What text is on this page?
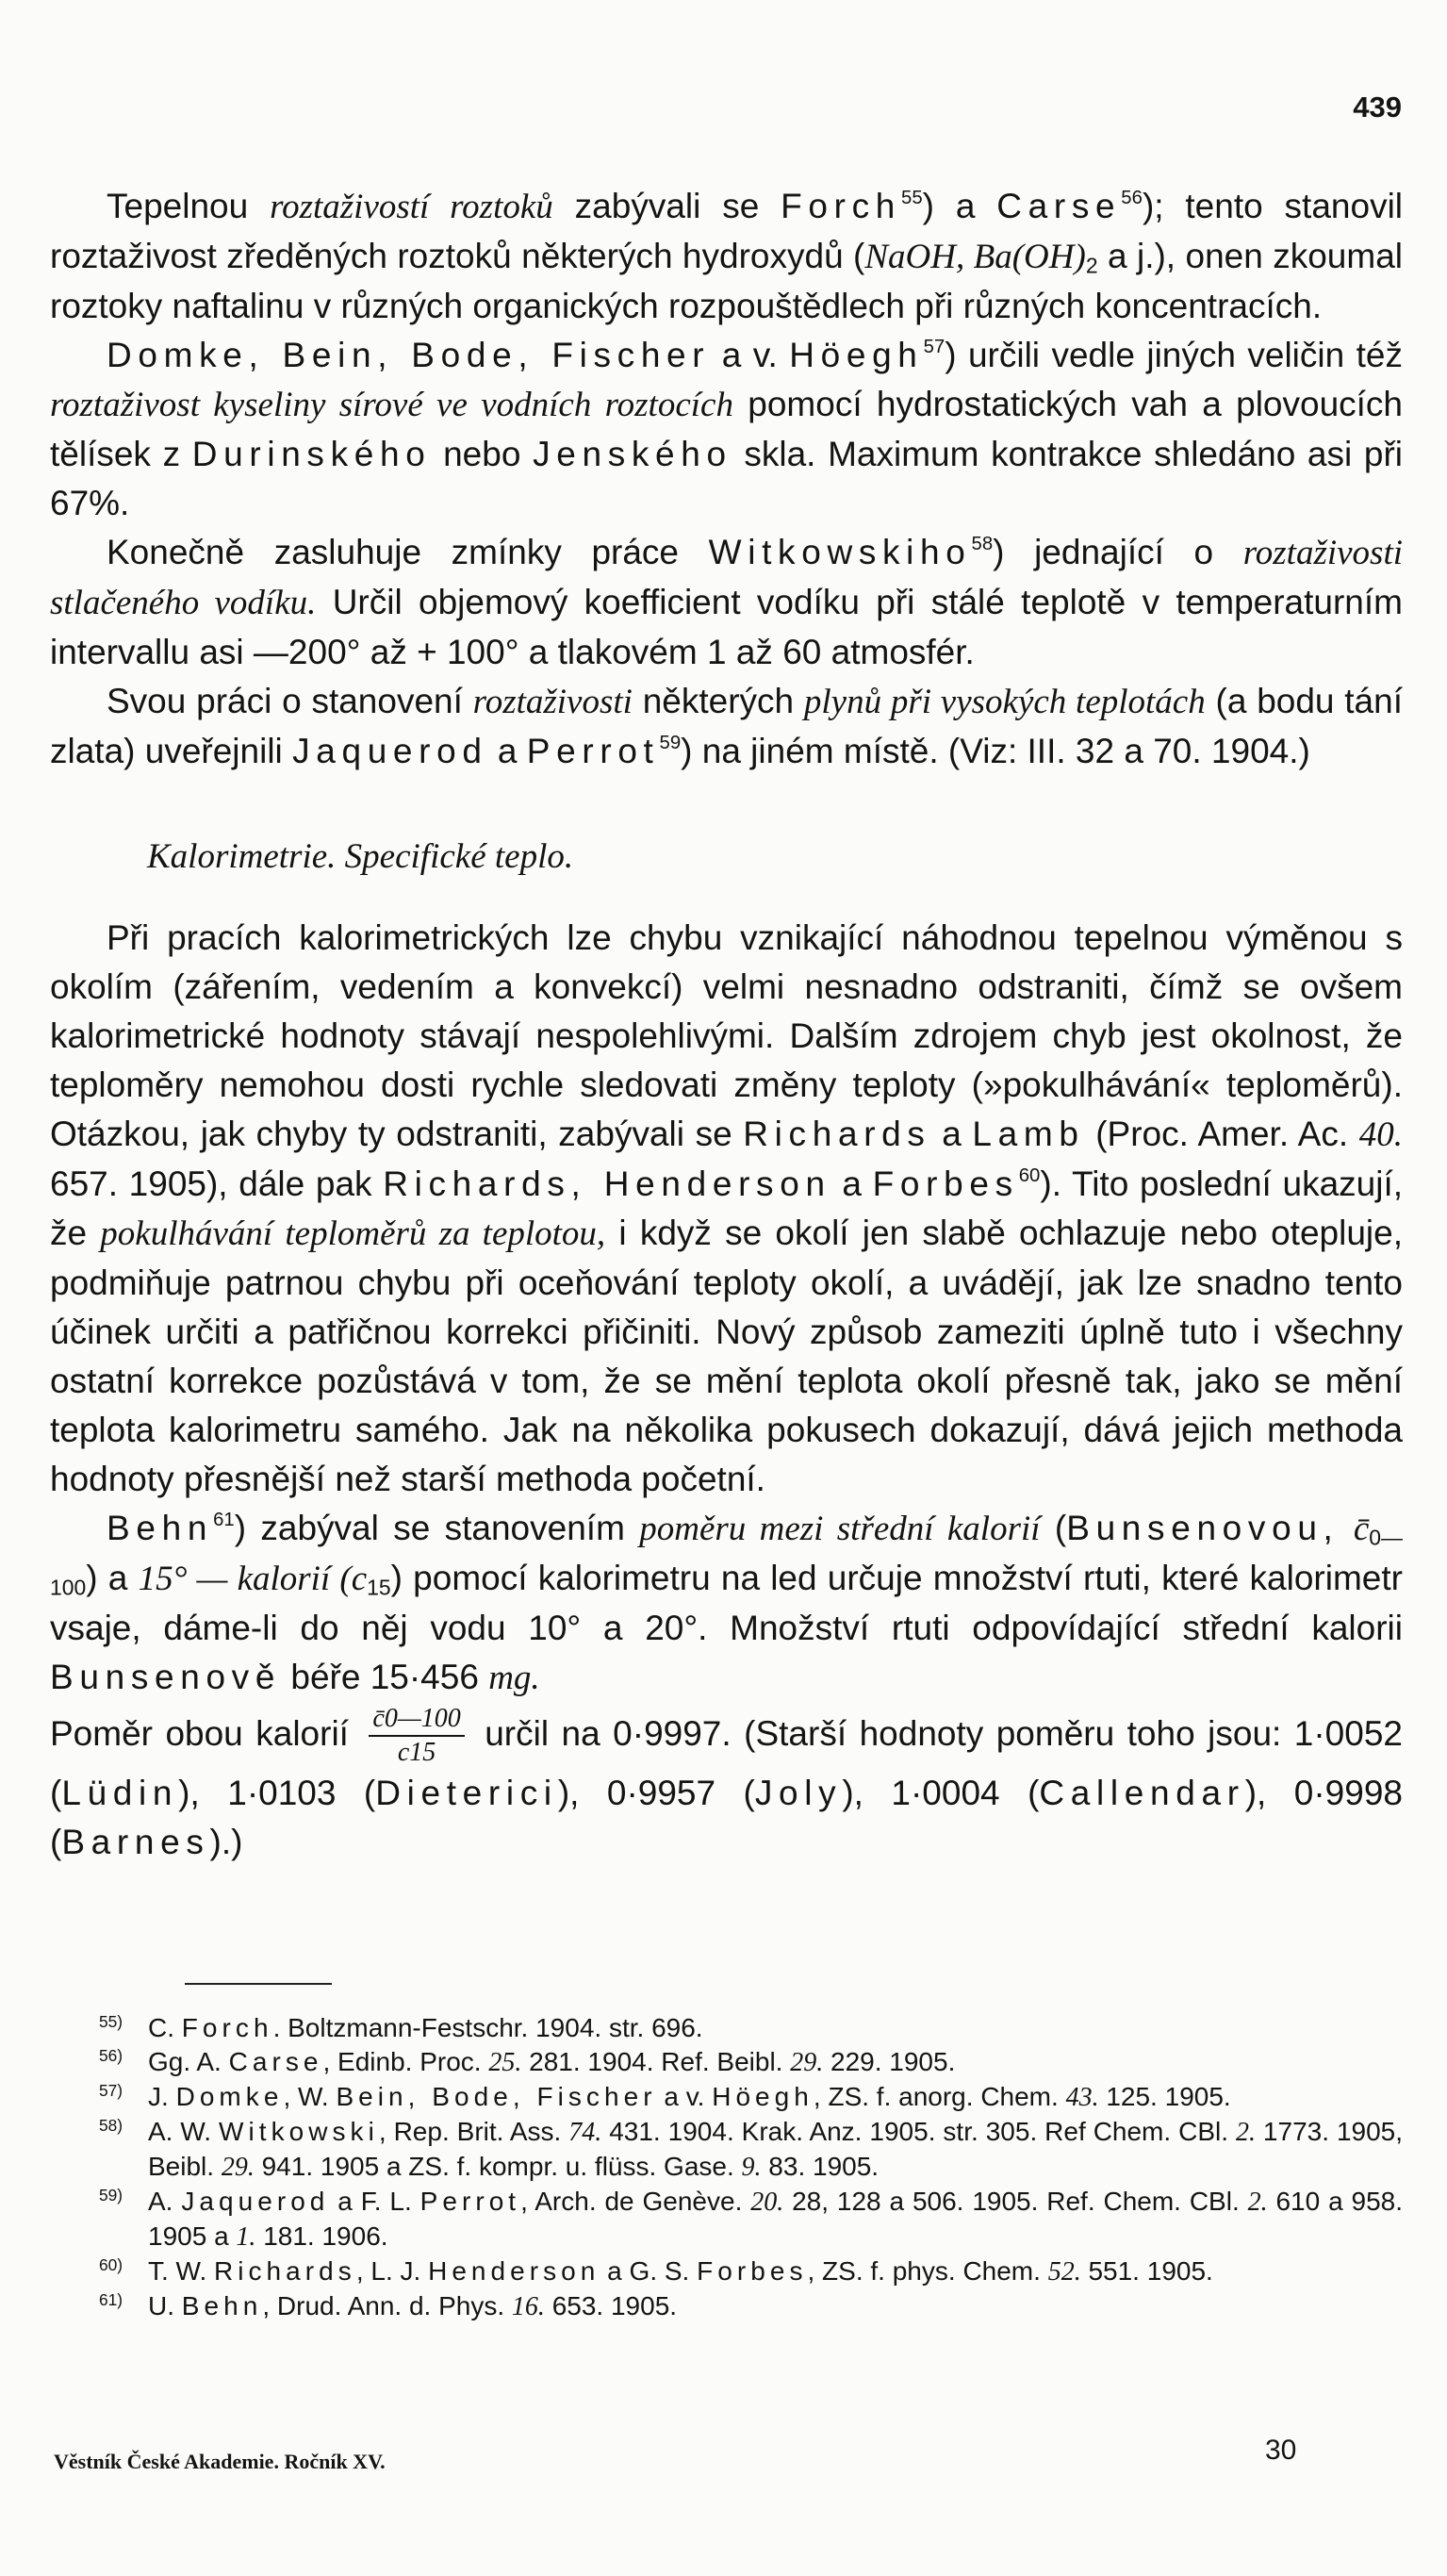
439

Tepelnou roztaživostí roztoků zabývali se Forch$^{55}$) a Carse$^{56}$); tento stanovil roztaživost zředěných roztoků některých hydroxydů (NaOH, $Ba(OH)_2$ a j.), onen zkoumal roztoky naftalinu v různých organických rozpouštědlech při různých koncentracích.

Domke, Bein, Bode, Fischer a v. Höegh$^{57}$) určili vedle jiných veličin též roztaživost kyseliny sírové ve vodních roztocích pomocí hydrostatických vah a plovoucích tělísek z Durinského nebo Jenského skla. Maximum kontrakce shledáno asi při 67%.

Konečně zasluhuje zmínky práce Witkowskiho$^{58}$) jednající o roztaživosti stlačeného vodíku. Určil objemový koefficient vodíku při stálé teplotě v temperaturním intervallu asi —200° až + 100° a tlakovém 1 až 60 atmosfér.

Svou práci o stanovení roztaživosti některých plynů při vysokých teplotách (a bodu tání zlata) uveřejnili Jaquerod a Perrot$^{59}$) na jiném místě. (Viz: III. 32 a 70. 1904.)

Kalorimetrie. Specifické teplo.

Při pracích kalorimetrických lze chybu vznikající náhodnou tepelnou výměnou s okolím (zářením, vedením a konvekcí) velmi nesnadno odstraniti, čímž se ovšem kalorimetrické hodnoty stávají nespolehlivými. Dalším zdrojem chyb jest okolnost, že teploměry nemohou dosti rychle sledovati změny teploty (»pokulhávání« teploměrů). Otázkou, jak chyby ty odstraniti, zabývali se Richards a Lamb (Proc. Amer. Ac. 40. 657. 1905), dále pak Richards, Henderson a Forbes$^{60}$). Tito poslední ukazují, že pokulhávání teploměrů za teplotou, i když se okolí jen slabě ochlazuje nebo otepluje, podmiňuje patrnou chybu při oceňování teploty okolí, a uvádějí, jak lze snadno tento účinek určiti a patřičnou korrekci přičiniti. Nový způsob zameziti úplně tuto i všechny ostatní korrekce pozůstává v tom, že se mění teplota okolí přesně tak, jako se mění teplota kalorimetru samého. Jak na několika pokusech dokazují, dává jejich methoda hodnoty přesnější než starší methoda početní.

Behn$^{61}$) zabýval se stanovením poměru mezi střední kalorií (Bunsenovou, $c̄_{0—100}$) a 15° — kalorií $(c_{15})$ pomocí kalorimetru na led určuje množství rtuti, které kalorimetr vsaje, dáme-li do něj vodu 10° a 20°. Množství rtuti odpovídající střední kalorii Bunsenově béře 15·456 mg.

Poměr obou kalorií $\frac{c̄0—100}{c15}$ určil na 0·9997. (Starší hodnoty poměru toho jsou: 1·0052 (Lüdin), 1·0103 (Dieterici), 0·9957 (Joly), 1·0004 (Callendar), 0·9998 (Barnes).)

55) C. Forch. Boltzmann-Festschr. 1904. str. 696.

56) Gg. A. Carse, Edinb. Proc. 25. 281. 1904. Ref. Beibl. 29. 229. 1905.

57) J. Domke, W. Bein, Bode, Fischer a v. Höegh, ZS. f. anorg. Chem. 43. 125. 1905.

58) A. W. Witkowski, Rep. Brit. Ass. 74. 431. 1904. Krak. Anz. 1905. str. 305. Ref Chem. CBl. 2. 1773. 1905, Beibl. 29. 941. 1905 a ZS. f. kompr. u. flüss. Gase. 9. 83. 1905.

59) A. Jaquerod a F. L. Perrot, Arch. de Genève. 20. 28, 128 a 506. 1905. Ref. Chem. CBl. 2. 610 a 958. 1905 a 1. 181. 1906.

60) T. W. Richards, L. J. Henderson a G. S. Forbes, ZS. f. phys. Chem. 52. 551. 1905.

61) U. Behn, Drud. Ann. d. Phys. 16. 653. 1905.

Věstník České Akademie. Ročník XV.	30
